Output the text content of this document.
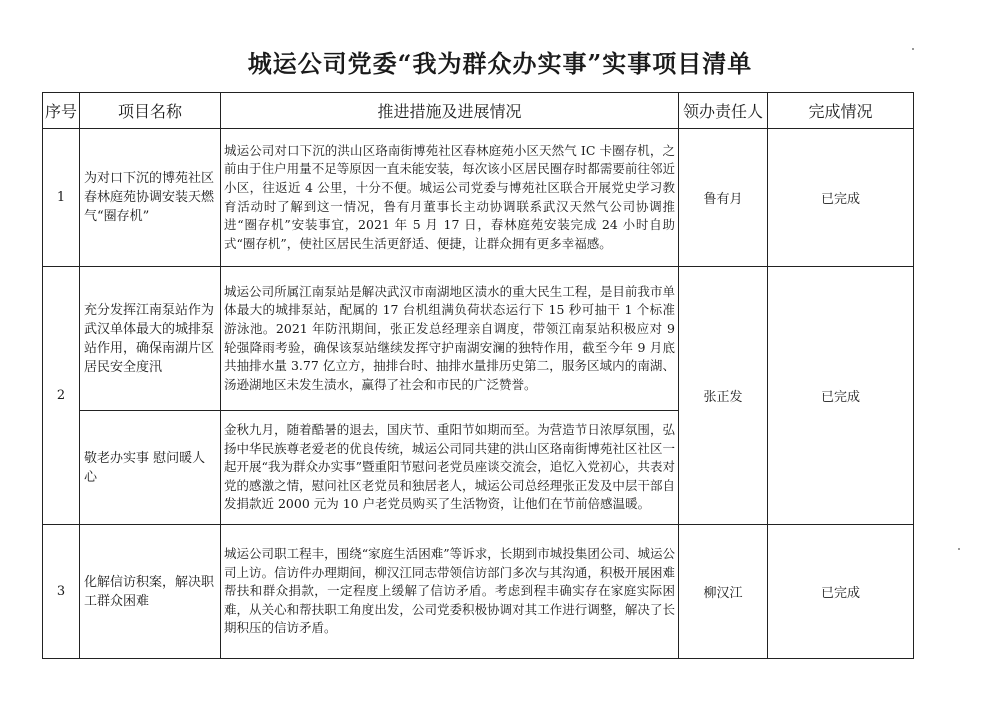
城运公司党委“我为群众办实事”实事项目清单
序号	项目名称	推进措施及进展情况	领办责任人	完成情况
1	为对口下沉的博苑社区春林庭苑协调安装天燃气“圈存机”	城运公司对口下沉的洪山区珞南街博苑社区春林庭苑小区天然气 IC 卡圈存机，之前由于住户用量不足等原因一直未能安装，每次该小区居民圈存时都需要前往邻近小区，往返近 4 公里，十分不便。城运公司党委与博苑社区联合开展党史学习教育活动时了解到这一情况，鲁有月董事长主动协调联系武汉天然气公司协调推进“圈存机”安装事宜，2021 年 5 月 17 日，春林庭苑安装完成 24 小时自助式“圈存机”，使社区居民生活更舒适、便捷，让群众拥有更多幸福感。	鲁有月	已完成
2	充分发挥江南泵站作为武汉单体最大的城排泵站作用，确保南湖片区居民安全度汛	城运公司所属江南泵站是解决武汉市南湖地区渍水的重大民生工程，是目前我市单体最大的城排泵站，配属的 17 台机组满负荷状态运行下 15 秒可抽干 1 个标准游泳池。2021 年防汛期间，张正发总经理亲自调度，带领江南泵站积极应对 9 轮强降雨考验，确保该泵站继续发挥守护南湖安澜的独特作用，截至今年 9 月底共抽排水量 3.77 亿立方，抽排台时、抽排水量排历史第二，服务区域内的南湖、汤逊湖地区未发生渍水，赢得了社会和市民的广泛赞誉。	张正发	已完成
	敬老办实事 慰问暖人心	金秋九月，随着酷暑的退去，国庆节、重阳节如期而至。为营造节日浓厚氛围，弘扬中华民族尊老爱老的优良传统，城运公司同共建的洪山区珞南街博苑社区社区一起开展“我为群众办实事”暨重阳节慰问老党员座谈交流会，追忆入党初心，共表对党的感激之情，慰问社区老党员和独居老人，城运公司总经理张正发及中层干部自发捐款近 2000 元为 10 户老党员购买了生活物资，让他们在节前倍感温暖。		
3	化解信访积案，解决职工群众困难	城运公司职工程丰，围绕“家庭生活困难”等诉求，长期到市城投集团公司、城运公司上访。信访件办理期间，柳汉江同志带领信访部门多次与其沟通，积极开展困难帮扶和群众捐款，一定程度上缓解了信访矛盾。考虑到程丰确实存在家庭实际困难，从关心和帮扶职工角度出发，公司党委积极协调对其工作进行调整，解决了长期积压的信访矛盾。	柳汉江	已完成
